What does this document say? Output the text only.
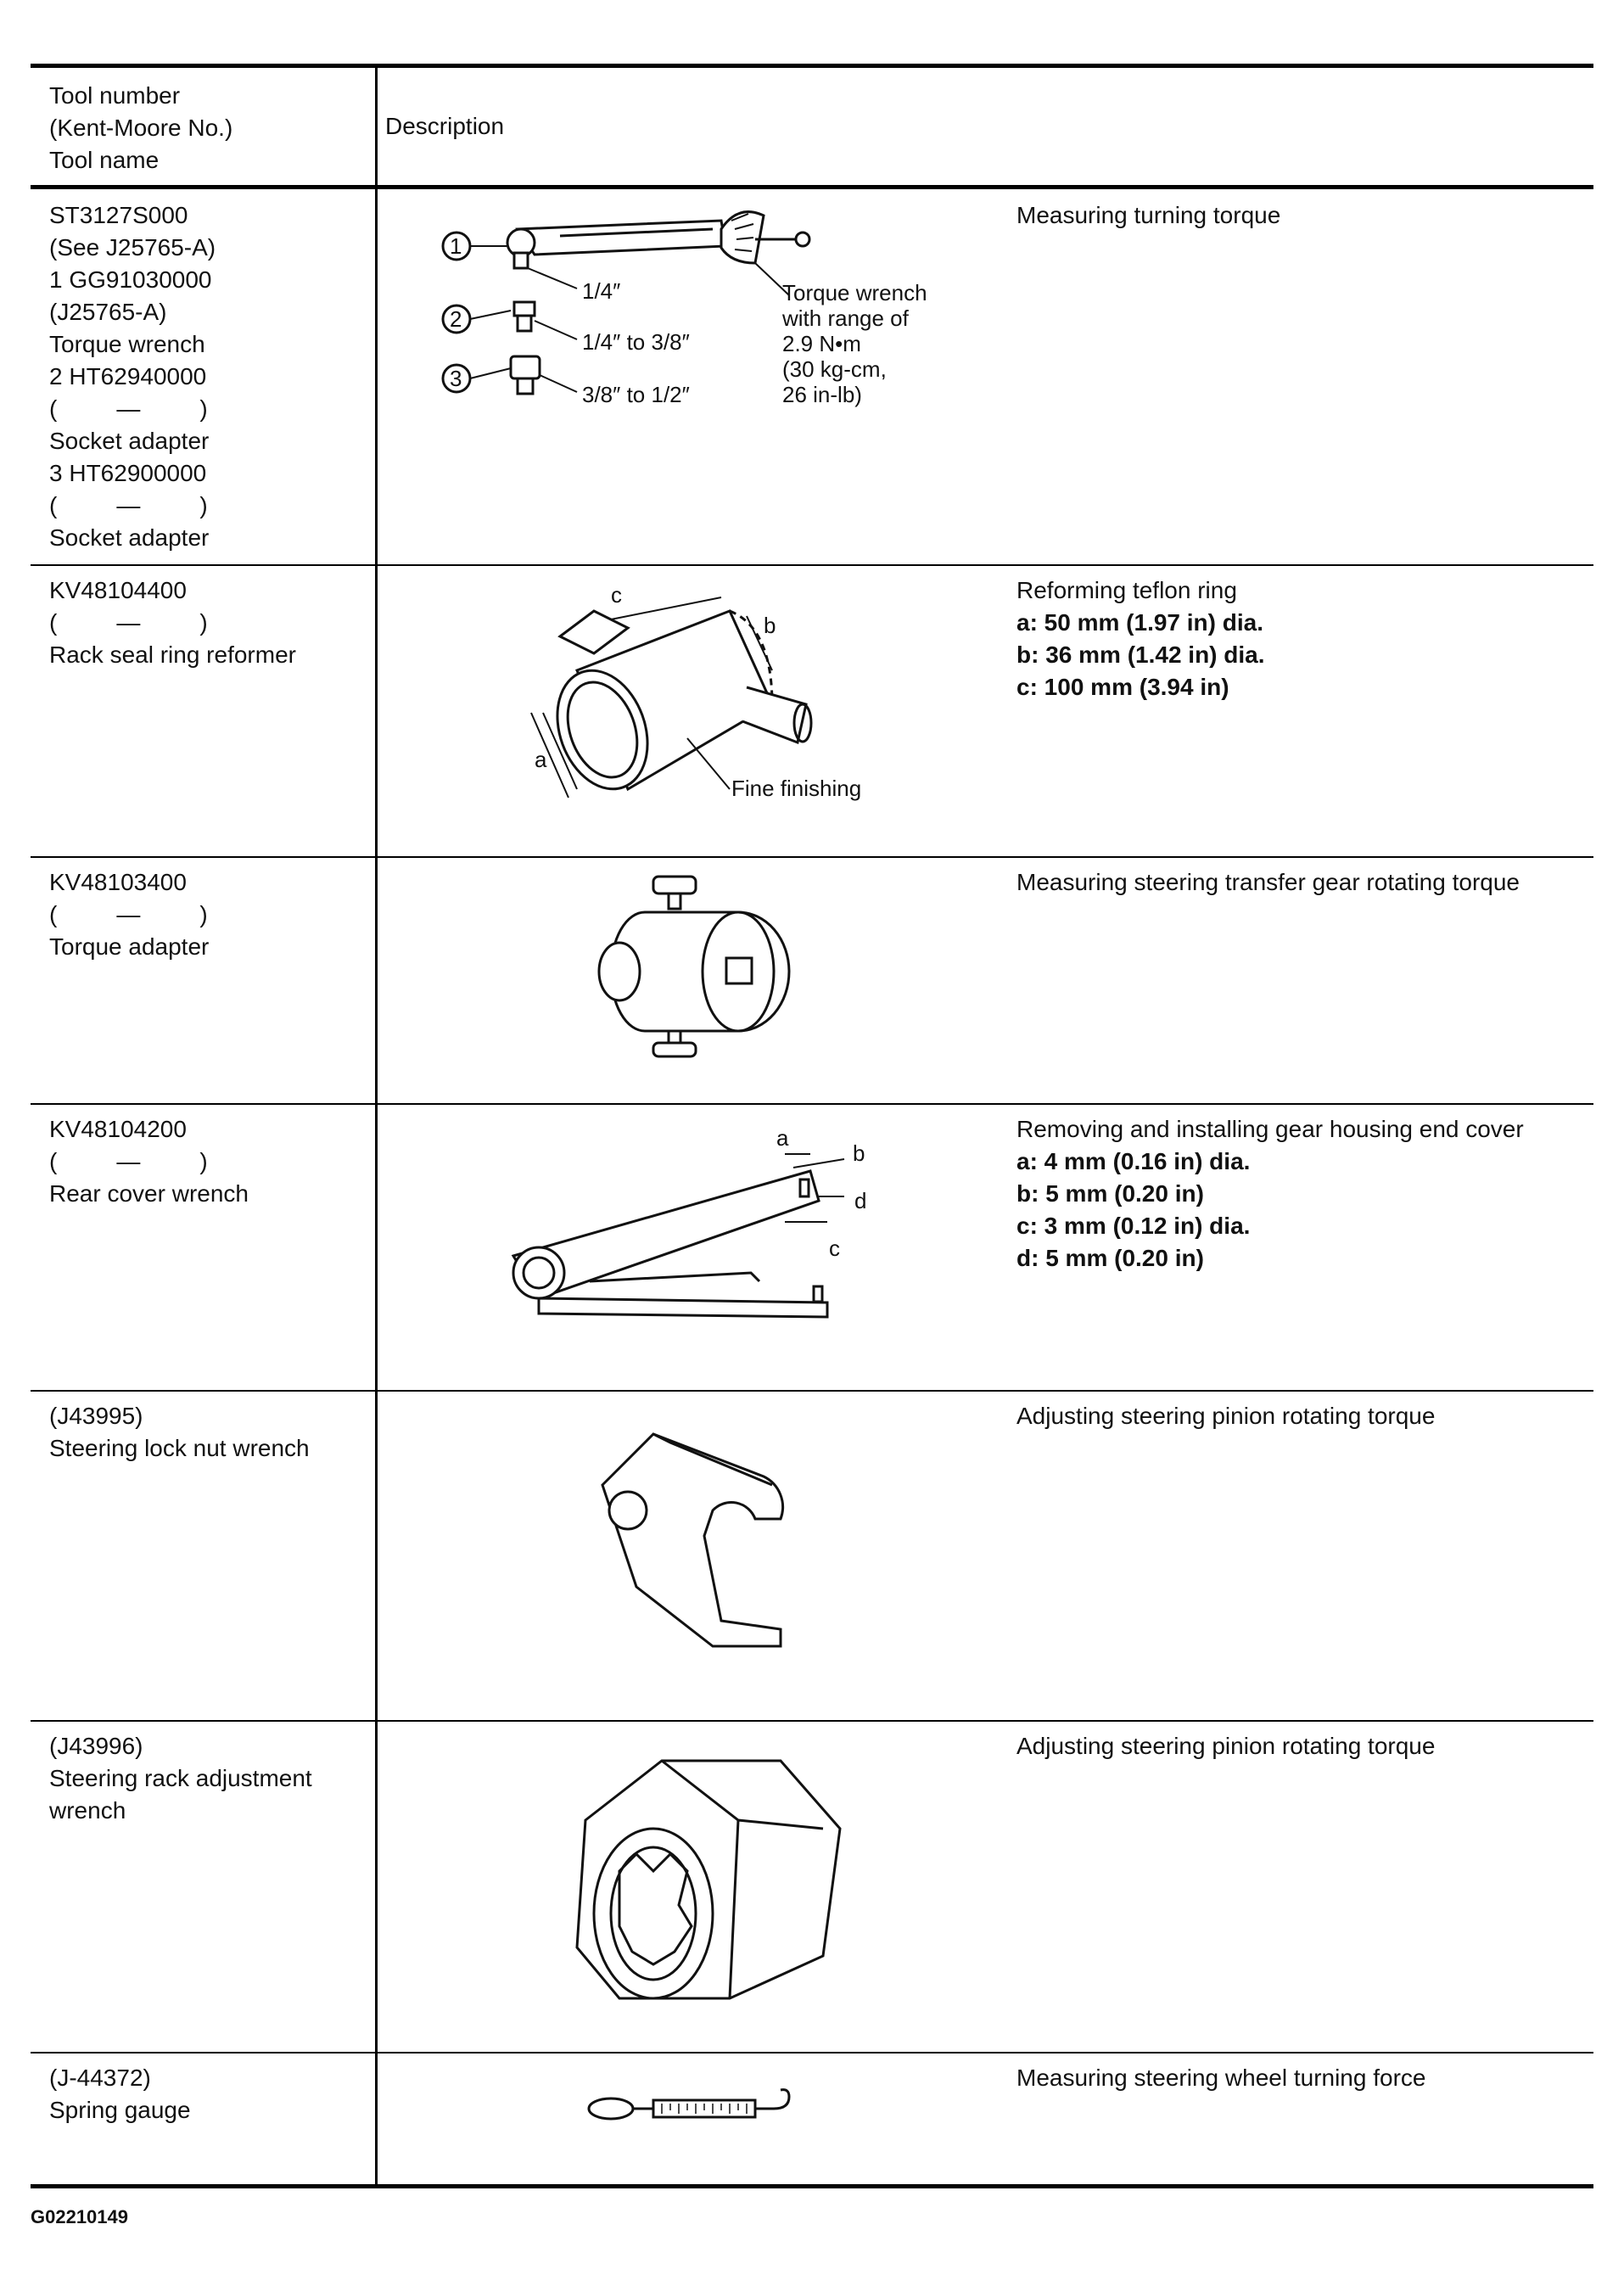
Tool number
(Kent-Moore No.)
Tool name
Description
ST3127S000
(See J25765-A)
1 GG91030000
(J25765-A)
Torque wrench
2 HT62940000
(         —         )
Socket adapter
3 HT62900000
(         —         )
Socket adapter
Measuring turning torque
1
2
3
1/4″
1/4″ to 3/8″
3/8″ to 1/2″
Torque wrench
with range of
2.9 N•m
(30 kg-cm,
26 in-lb)
KV48104400
(         —         )
Rack seal ring reformer
Reforming teflon ring
a: 50 mm (1.97 in) dia.
b: 36 mm (1.42 in) dia.
c: 100 mm (3.94 in)
a
b
c
Fine finishing
KV48103400
(         —         )
Torque adapter
Measuring steering transfer gear rotating torque
KV48104200
(         —         )
Rear cover wrench
Removing and installing gear housing end cover
a: 4 mm (0.16 in) dia.
b: 5 mm (0.20 in)
c: 3 mm (0.12 in) dia.
d: 5 mm (0.20 in)
a
b
c
d
(J43995)
Steering lock nut wrench
Adjusting steering pinion rotating torque
(J43996)
Steering rack adjustment
wrench
Adjusting steering pinion rotating torque
(J-44372)
Spring gauge
Measuring steering wheel turning force
G02210149
